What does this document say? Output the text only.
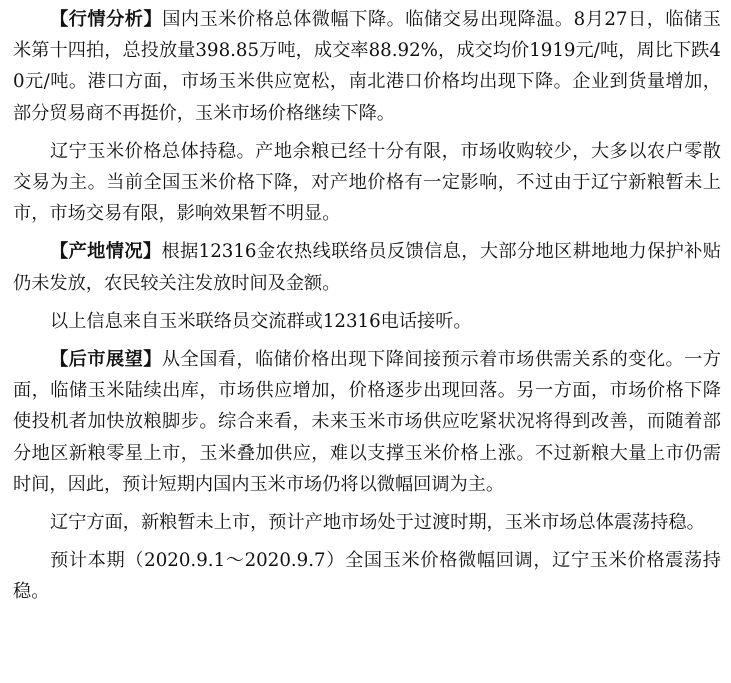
【行情分析】国内玉米价格总体微幅下降。临储交易出现降温。8月27日，临储玉米第十四拍，总投放量398.85万吨，成交率88.92%，成交均价1919元/吨，周比下跌40元/吨。港口方面，市场玉米供应宽松，南北港口价格均出现下降。企业到货量增加，部分贸易商不再挺价，玉米市场价格继续下降。

辽宁玉米价格总体持稳。产地余粮已经十分有限，市场收购较少，大多以农户零散交易为主。当前全国玉米价格下降，对产地价格有一定影响，不过由于辽宁新粮暂未上市，市场交易有限，影响效果暂不明显。

【产地情况】根据12316金农热线联络员反馈信息，大部分地区耕地地力保护补贴仍未发放，农民较关注发放时间及金额。

以上信息来自玉米联络员交流群或12316电话接听。

【后市展望】从全国看，临储价格出现下降间接预示着市场供需关系的变化。一方面，临储玉米陆续出库，市场供应增加，价格逐步出现回落。另一方面，市场价格下降使投机者加快放粮脚步。综合来看，未来玉米市场供应吃紧状况将得到改善，而随着部分地区新粮零星上市，玉米叠加供应，难以支撑玉米价格上涨。不过新粮大量上市仍需时间，因此，预计短期内国内玉米市场仍将以微幅回调为主。

辽宁方面，新粮暂未上市，预计产地市场处于过渡时期，玉米市场总体震荡持稳。

预计本期（2020.9.1～2020.9.7）全国玉米价格微幅回调，辽宁玉米价格震荡持稳。
